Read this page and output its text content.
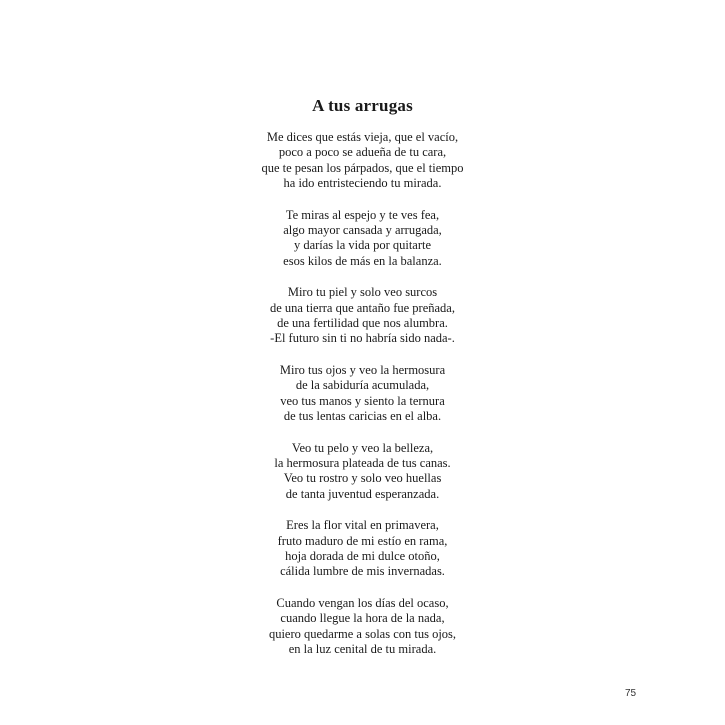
A tus arrugas
Me dices que estás vieja, que el vacío,
poco a poco se adueña de tu cara,
que te pesan los párpados, que el tiempo
ha ido entristeciendo tu mirada.
Te miras al espejo y te ves fea,
algo mayor cansada y arrugada,
y darías la vida por quitarte
esos kilos de más en la balanza.
Miro tu piel y solo veo surcos
de una tierra que antaño fue preñada,
de una fertilidad que nos alumbra.
-El futuro sin ti no habría sido nada-.
Miro tus ojos y veo la hermosura
de la sabiduría acumulada,
veo tus manos y siento la ternura
de tus lentas caricias en el alba.
Veo tu pelo y veo la belleza,
la hermosura plateada de tus canas.
Veo tu rostro y solo veo huellas
de tanta juventud esperanzada.
Eres la flor vital en primavera,
fruto maduro de mi estío en rama,
hoja dorada de mi dulce otoño,
cálida lumbre de mis invernadas.
Cuando vengan los días del ocaso,
cuando llegue la hora de la nada,
quiero quedarme a solas con tus ojos,
en la luz cenital de tu mirada.
75
